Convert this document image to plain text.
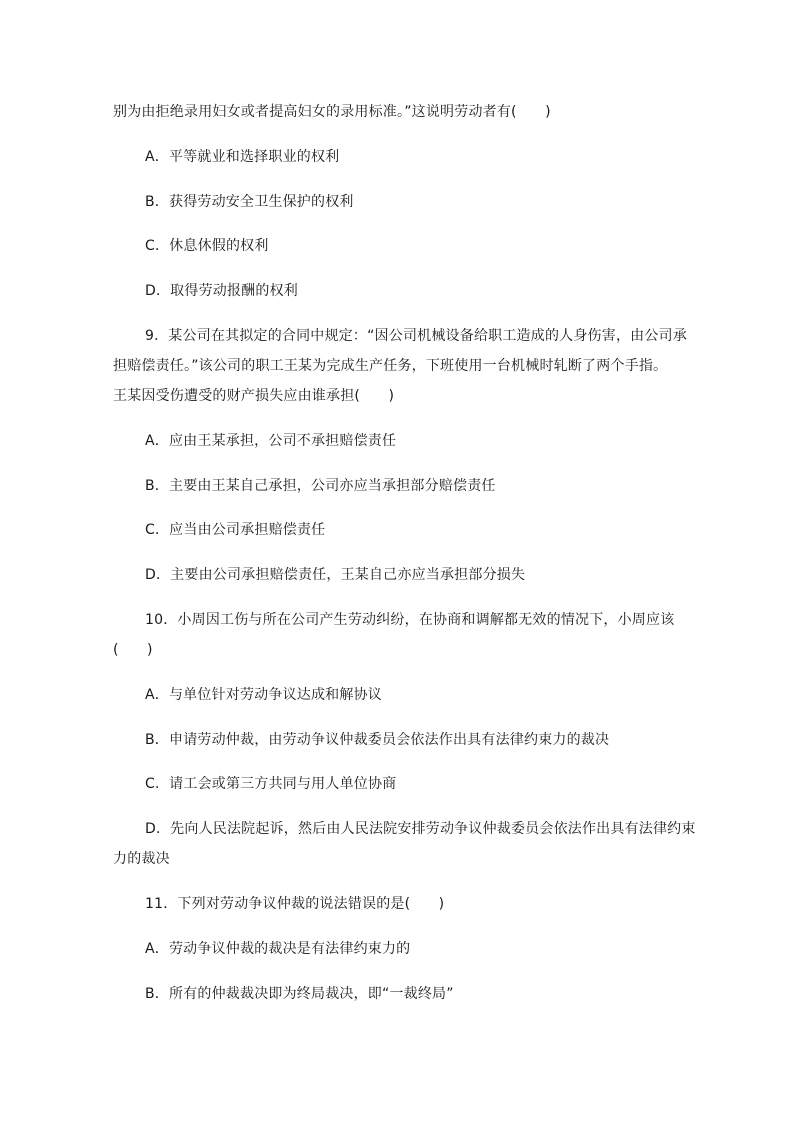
别为由拒绝录用妇女或者提高妇女的录用标准。”这说明劳动者有(　　)
A．平等就业和选择职业的权利
B．获得劳动安全卫生保护的权利
C．休息休假的权利
D．取得劳动报酬的权利
9．某公司在其拟定的合同中规定：“因公司机械设备给职工造成的人身伤害，由公司承
担赔偿责任。”该公司的职工王某为完成生产任务，下班使用一台机械时轧断了两个手指。
王某因受伤遭受的财产损失应由谁承担(　　)
A．应由王某承担，公司不承担赔偿责任
B．主要由王某自己承担，公司亦应当承担部分赔偿责任
C．应当由公司承担赔偿责任
D．主要由公司承担赔偿责任，王某自己亦应当承担部分损失
10．小周因工伤与所在公司产生劳动纠纷，在协商和调解都无效的情况下，小周应该
(　　)
A．与单位针对劳动争议达成和解协议
B．申请劳动仲裁，由劳动争议仲裁委员会依法作出具有法律约束力的裁决
C．请工会或第三方共同与用人单位协商
D．先向人民法院起诉，然后由人民法院安排劳动争议仲裁委员会依法作出具有法律约束
力的裁决
11．下列对劳动争议仲裁的说法错误的是(　　)
A．劳动争议仲裁的裁决是有法律约束力的
B．所有的仲裁裁决即为终局裁决，即“一裁终局”
